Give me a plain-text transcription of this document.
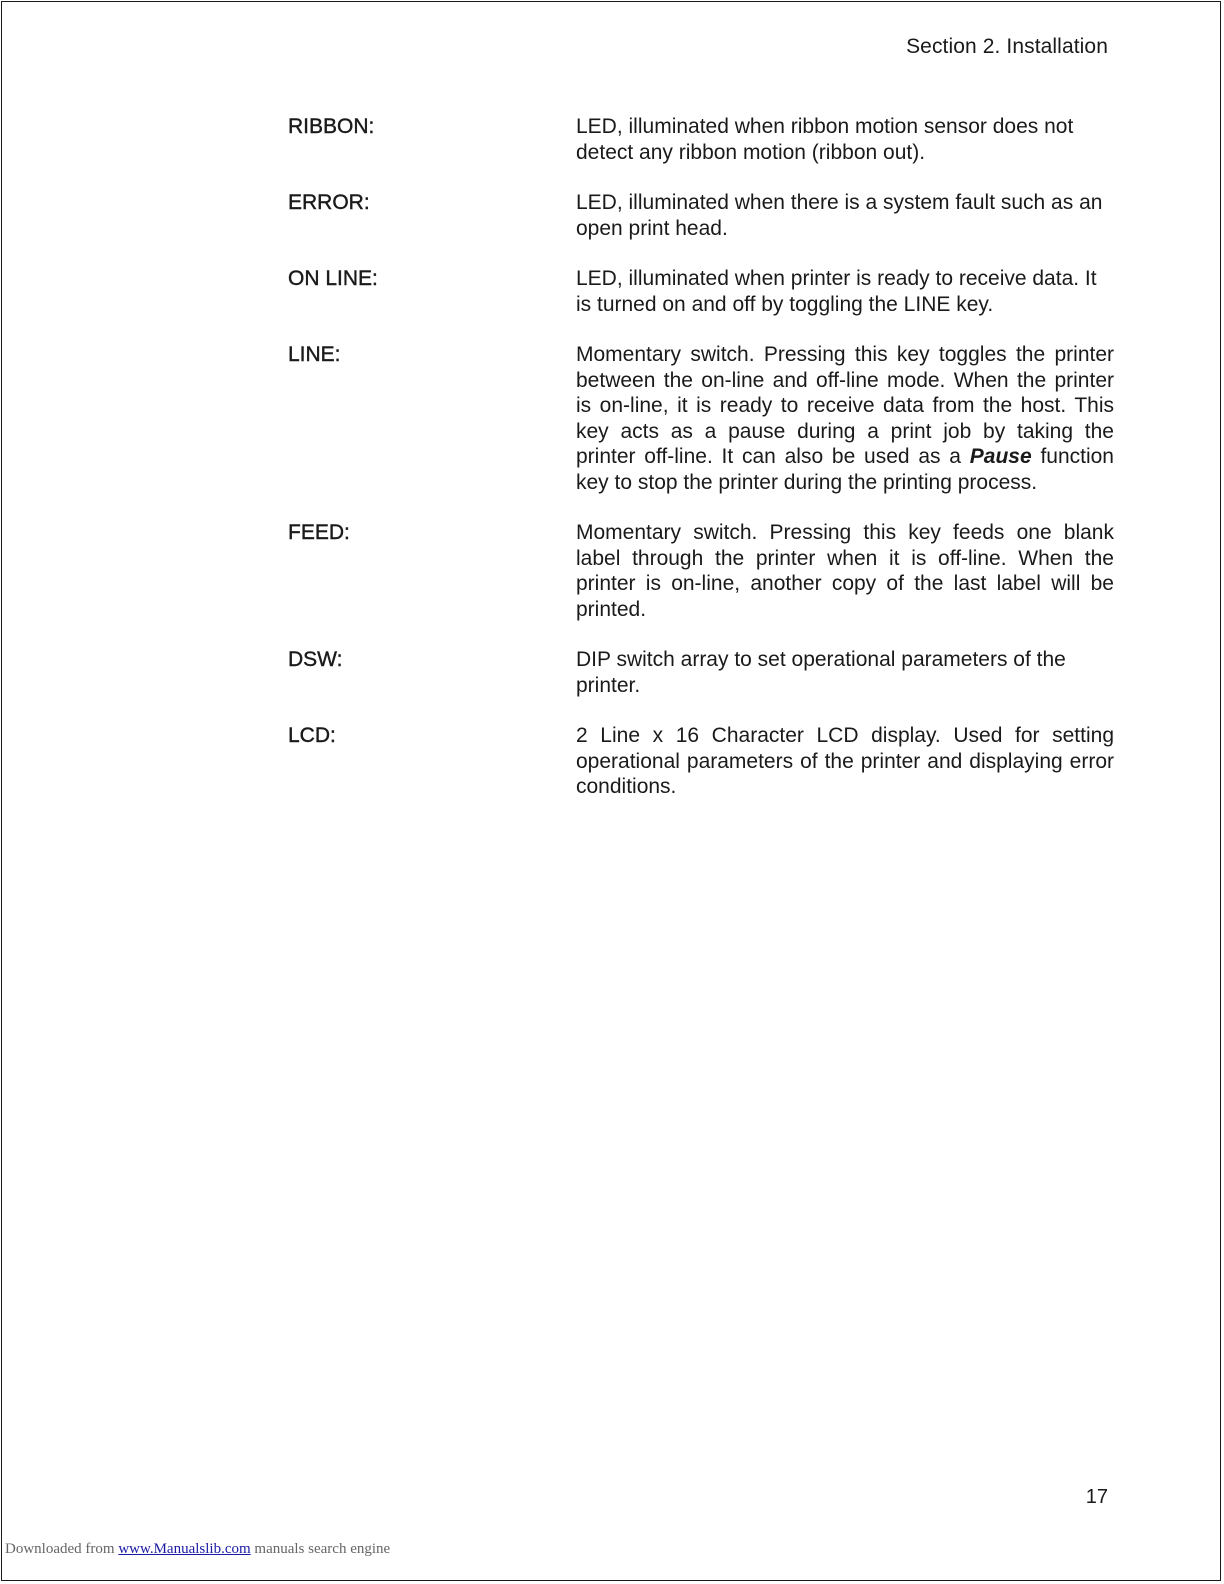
Section 2. Installation
RIBBON:	LED, illuminated when ribbon motion sensor does not detect any ribbon motion (ribbon out).
ERROR:	LED, illuminated when there is a system fault such as an open print head.
ON LINE:	LED, illuminated when printer is ready to receive data. It is turned on and off by toggling the LINE key.
LINE:	Momentary switch. Pressing this key toggles the printer between the on-line and off-line mode. When the printer is on-line, it is ready to receive data from the host. This key acts as a pause during a print job by taking the printer off-line. It can also be used as a Pause function key to stop the printer during the printing process.
FEED:	Momentary switch. Pressing this key feeds one blank label through the printer when it is off-line. When the printer is on-line, another copy of the last label will be printed.
DSW:	DIP switch array to set operational parameters of the printer.
LCD:	2 Line x 16 Character LCD display. Used for setting operational parameters of the printer and displaying error conditions.
17
Downloaded from www.Manualslib.com manuals search engine
